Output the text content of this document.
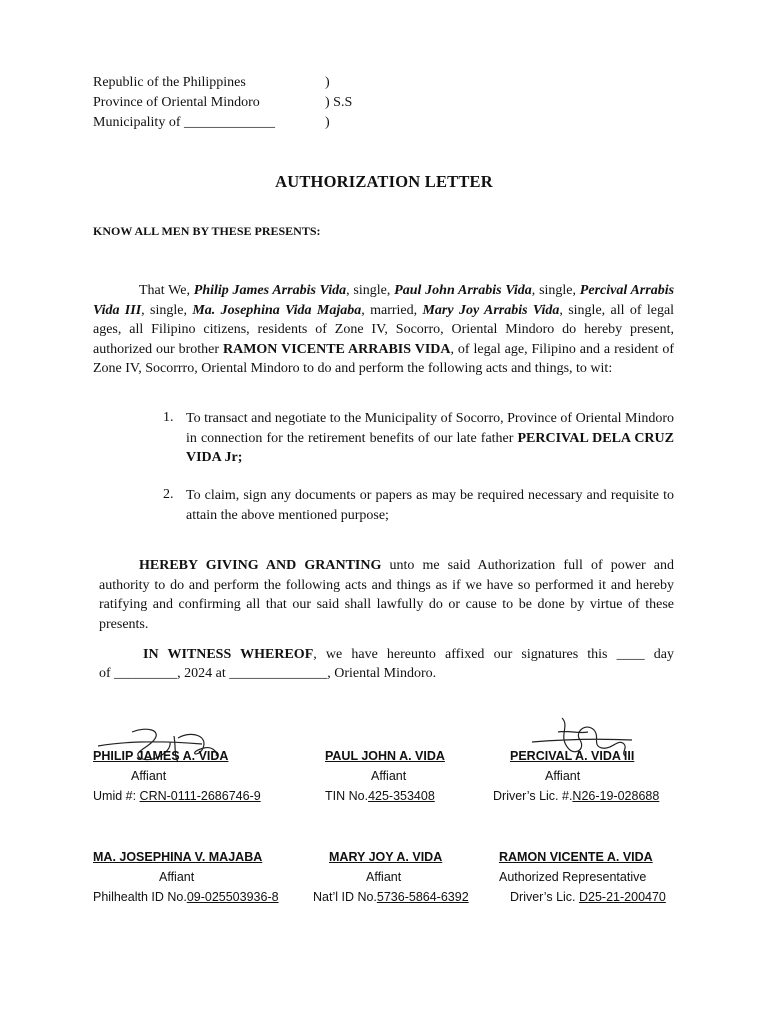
Republic of the Philippines
Province of Oriental Mindoro
Municipality of _____________
)
) S.S
)
AUTHORIZATION LETTER
KNOW ALL MEN BY THESE PRESENTS:
That We, Philip James Arrabis Vida, single, Paul John Arrabis Vida, single, Percival Arrabis Vida III, single, Ma. Josephina Vida Majaba, married, Mary Joy Arrabis Vida, single, all of legal ages, all Filipino citizens, residents of Zone IV, Socorro, Oriental Mindoro do hereby present, authorized our brother RAMON VICENTE ARRABIS VIDA, of legal age, Filipino and a resident of Zone IV, Socorrro, Oriental Mindoro to do and perform the following acts and things, to wit:
1. To transact and negotiate to the Municipality of Socorro, Province of Oriental Mindoro in connection for the retirement benefits of our late father PERCIVAL DELA CRUZ VIDA Jr;
2. To claim, sign any documents or papers as may be required necessary and requisite to attain the above mentioned purpose;
HEREBY GIVING AND GRANTING unto me said Authorization full of power and authority to do and perform the following acts and things as if we have so performed it and hereby ratifying and confirming all that our said shall lawfully do or cause to be done by virtue of these presents.
IN WITNESS WHEREOF, we have hereunto affixed our signatures this ____ day
of _________, 2024 at ______________, Oriental Mindoro.
PHILIP JAMES A. VIDA
Affiant
Umid #: CRN-0111-2686746-9
PAUL JOHN A. VIDA
Affiant
TIN No.425-353408
PERCIVAL A. VIDA III
Affiant
Driver’s Lic. #.N26-19-028688
MA. JOSEPHINA V. MAJABA
Affiant
Philhealth ID No.09-025503936-8
MARY JOY A. VIDA
Affiant
Nat’l ID No.5736-5864-6392
RAMON VICENTE A. VIDA
Authorized Representative
Driver’s Lic. D25-21-200470
